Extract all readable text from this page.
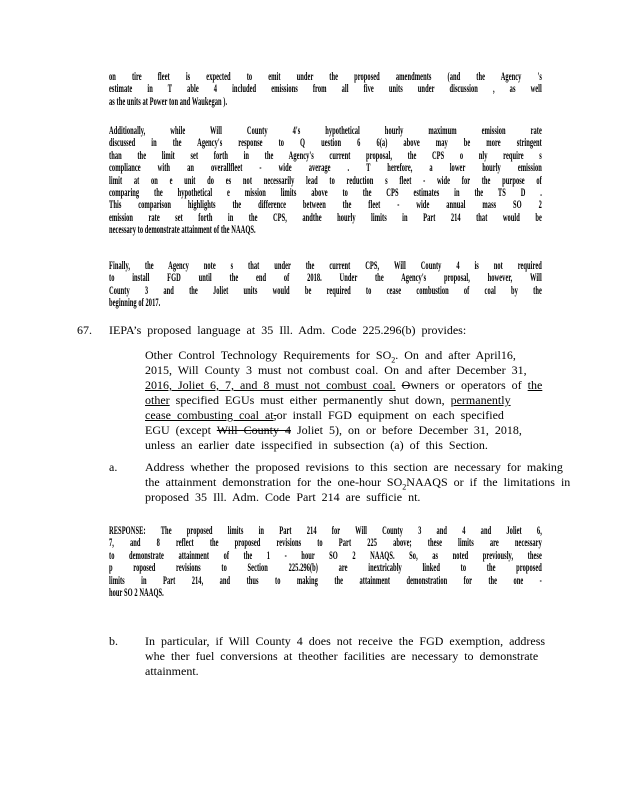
on tire fleet is expected to emit under the proposed amendments (and the Agency 's
estimate in T able 4 included emissions from all five units under discussion , as well
as the units at Power ton and Waukegan ).
Additionally, while Will County 4's hypothetical hourly maximum emission rate
discussed in the Agency's response to Q uestion 6 6(a) above may be more stringent
than the limit set forth in the Agency's current proposal, the CPS o nly require s
compliance with an overallfleet - wide average . T herefore, a lower hourly emission
limit at on e unit do es not necessarily lead to reduction s fleet - wide for the purpose of
comparing the hypothetical e mission limits above to the CPS estimates in the TS D .
This comparison highlights the difference between the fleet - wide annual mass SO 2
emission rate set forth in the CPS, andthe hourly limits in Part 214 that would be
necessary to demonstrate attainment of the NAAQS.
Finally, the Agency note s that under the current CPS, Will County 4 is not required
to install FGD until the end of 2018. Under the Agency's proposal, however, Will
County 3 and the Joliet units would be required to cease combustion of coal by the
beginning of 2017.
67. IEPA’s proposed language at 35 Ill. Adm. Code 225.296(b) provides:
Other Control Technology Requirements for $SO_2$. On and after April16,
2015, Will County 3 must not combust coal. On and after December 31,
2016, Joliet 6, 7, and 8 must not combust coal. Owners or operators of the
other specified EGUs must either permanently shut down, permanently
cease combusting coal at,or install FGD equipment on each specified
EGU (except Will County 4 Joliet 5), on or before December 31, 2018,
unless an earlier date isspecified in subsection (a) of this Section.
a. Address whether the proposed revisions to this section are necessary for making
the attainment demonstration for the one-hour $SO_2NAAQS$ or if the limitations in
proposed 35 Ill. Adm. Code Part 214 are sufficie nt.
RESPONSE: The proposed limits in Part 214 for Will County 3 and 4 and Joliet 6,
7, and 8 reflect the proposed revisions to Part 225 above; these limits are necessary
to demonstrate attainment of the 1 - hour SO 2 NAAQS. So, as noted previously, these
p roposed revisions to Section 225.296(b) are inextricably linked to the proposed
limits in Part 214, and thus to making the attainment demonstration for the one -
hour SO 2 NAAQS.
b. In particular, if Will County 4 does not receive the FGD exemption, address
whe ther fuel conversions at theother facilities are necessary to demonstrate
attainment.
